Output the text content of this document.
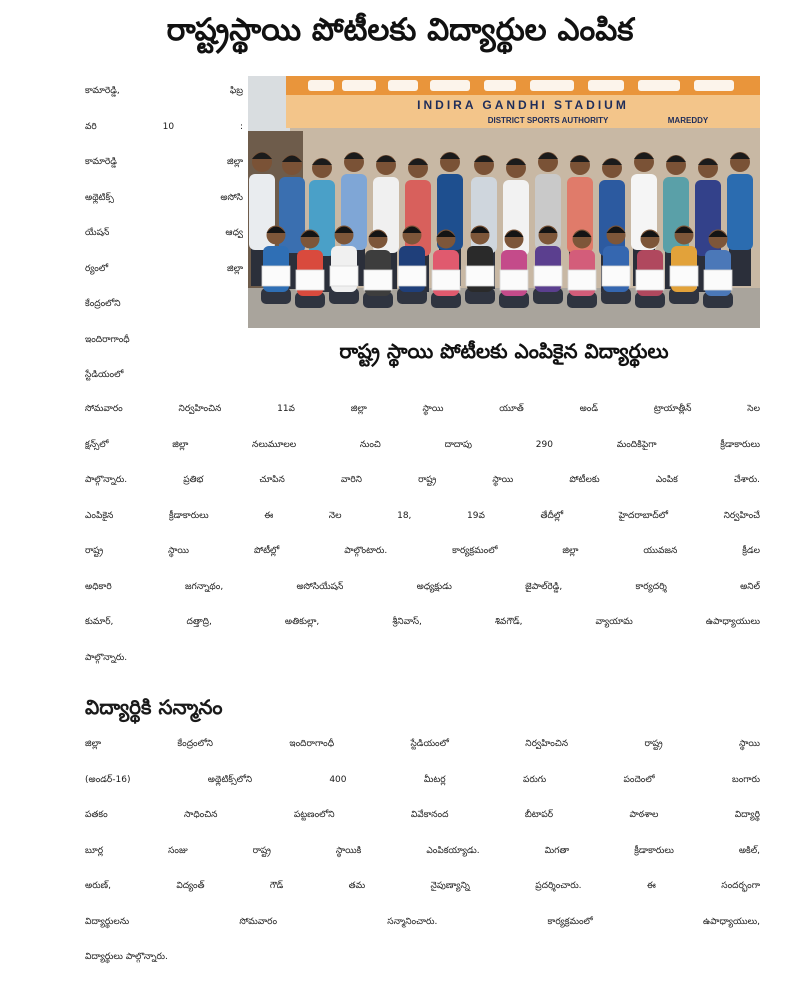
రాష్ట్రస్థాయి పోటీలకు విద్యార్థుల ఎంపిక
కామారెడ్డి, ఫిబ్ర
వరి 10 :
కామారెడ్డి జిల్లా
అథ్లెటిక్స్ అసోసి
యేషన్ ఆధ్వ
ర్యంలో జిల్లా
కేంద్రంలోని
ఇందిరాగాంధీ
స్టేడియంలో
INDIRA GANDHI STADIUM
DISTRICT SPORTS AUTHORITY	MAREDDY
రాష్ట్ర స్థాయి పోటీలకు ఎంపికైన విద్యార్థులు
సోమవారం నిర్వహించిన 11వ జిల్లా స్థాయి యూత్ అండ్ ట్రాయాత్లీన్ సెల
క్షన్స్‌లో జిల్లా నలుమూలల నుంచి దాదాపు 290 మందికిపైగా క్రీడాకారులు
పాల్గొన్నారు. ప్రతిభ చూపిన వారిని రాష్ట్ర స్థాయి పోటీలకు ఎంపిక చేశారు.
ఎంపికైన క్రీడాకారులు ఈ నెల 18, 19వ తేదీల్లో హైదరాబాద్‌లో నిర్వహించే
రాష్ట్ర స్థాయి పోటీల్లో పాల్గొంటారు. కార్యక్రమంలో జిల్లా యువజన క్రీడల
అధికారి జగన్నాథం, అసోసియేషన్ అధ్యక్షుడు జైపాల్‌రెడ్డి, కార్యదర్శి అనిల్
కుమార్, దత్తాద్రి, అతికుల్లా, శ్రీనివాస్, శివగౌడ్, వ్యాయామ ఉపాధ్యాయులు
పాల్గొన్నారు.
విద్యార్థికి సన్మానం
జిల్లా కేంద్రంలోని ఇందిరాగాంధీ స్టేడియంలో నిర్వహించిన రాష్ట్ర స్థాయి
(అండర్-16) అథ్లెటిక్స్‌లోని 400 మీటర్ల పరుగు పందెంలో బంగారు
పతకం సాధించిన పట్టణంలోని వివేకానంద బీటాపర్ పాఠశాల విద్యార్థి
బూర్ల సంజు రాష్ట్ర స్థాయికి ఎంపికయ్యాడు. మిగతా క్రీడాకారులు అకిల్,
అరుణ్, విద్యంత్ గౌడ్ తమ నైపుణ్యాన్ని ప్రదర్శించారు. ఈ సందర్భంగా
విద్యార్థులను సోమవారం సన్మానించారు. కార్యక్రమంలో ఉపాధ్యాయులు,
విద్యార్థులు పాల్గొన్నారు.
